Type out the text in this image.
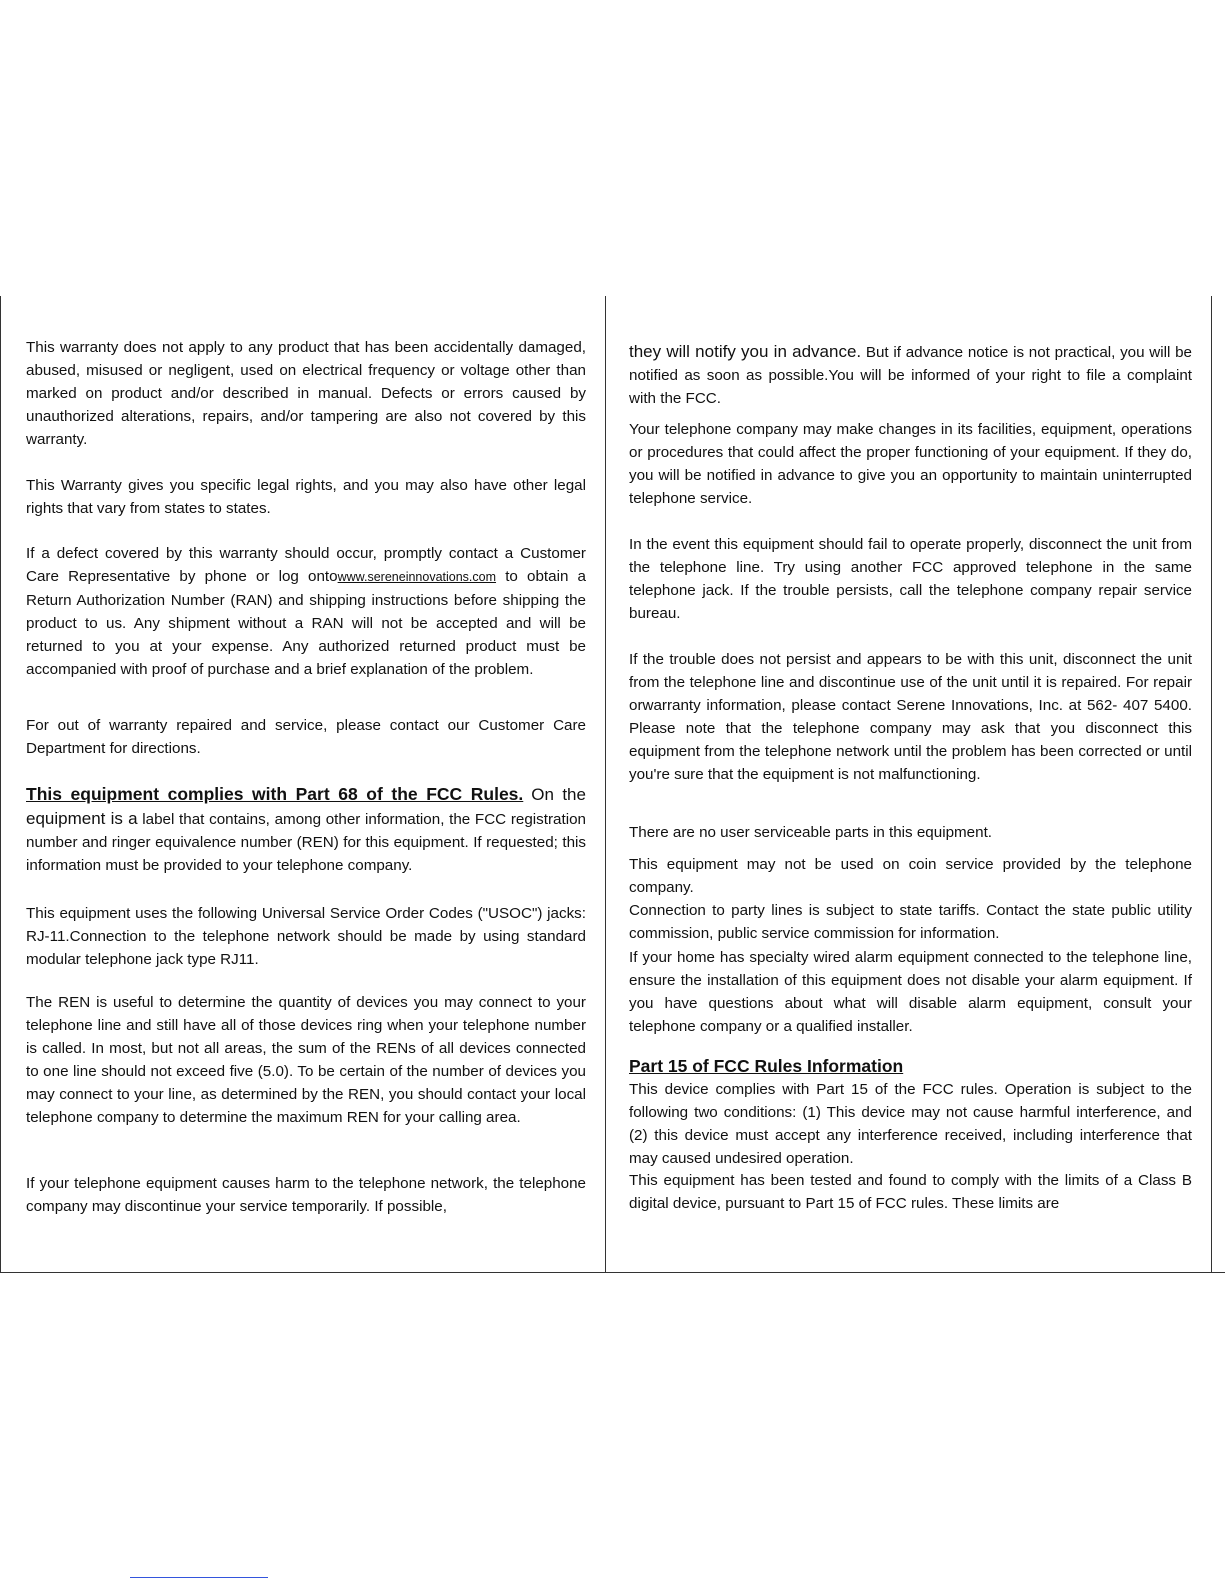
This warranty does not apply to any product that has been accidentally damaged, abused, misused or negligent, used on electrical frequency or voltage other than marked on product and/or described in manual. Defects or errors caused by unauthorized alterations, repairs, and/or tampering are also not covered by this warranty.

This Warranty gives you specific legal rights, and you may also have other legal rights that vary from states to states.

If a defect covered by this warranty should occur, promptly contact a Customer Care Representative by phone or log ontowww.sereneinnovations.com to obtain a Return Authorization Number (RAN) and shipping instructions before shipping the product to us. Any shipment without a RAN will not be accepted and will be returned to you at your expense. Any authorized returned product must be accompanied with proof of purchase and a brief explanation of the problem.

For out of warranty repaired and service, please contact our Customer Care Department for directions.

This equipment complies with Part 68 of the FCC Rules. On the equipment is a label that contains, among other information, the FCC registration number and ringer equivalence number (REN) for this equipment. If requested; this information must be provided to your telephone company.

This equipment uses the following Universal Service Order Codes ("USOC") jacks: RJ-11.Connection to the telephone network should be made by using standard modular telephone jack type RJ11.

The REN is useful to determine the quantity of devices you may connect to your telephone line and still have all of those devices ring when your telephone number is called. In most, but not all areas, the sum of the RENs of all devices connected to one line should not exceed five (5.0). To be certain of the number of devices you may connect to your line, as determined by the REN, you should contact your local telephone company to determine the maximum REN for your calling area.

If your telephone equipment causes harm to the telephone network, the telephone company may discontinue your service temporarily. If possible,

they will notify you in advance. But if advance notice is not practical, you will be notified as soon as possible.You will be informed of your right to file a complaint with the FCC.

Your telephone company may make changes in its facilities, equipment, operations or procedures that could affect the proper functioning of your equipment. If they do, you will be notified in advance to give you an opportunity to maintain uninterrupted telephone service.

In the event this equipment should fail to operate properly, disconnect the unit from the telephone line. Try using another FCC approved telephone in the same telephone jack. If the trouble persists, call the telephone company repair service bureau.

If the trouble does not persist and appears to be with this unit, disconnect the unit from the telephone line and discontinue use of the unit until it is repaired. For repair orwarranty information, please contact Serene Innovations, Inc. at 562- 407 5400. Please note that the telephone company may ask that you disconnect this equipment from the telephone network until the problem has been corrected or until you're sure that the equipment is not malfunctioning.

There are no user serviceable parts in this equipment.

This equipment may not be used on coin service provided by the telephone company.

Connection to party lines is subject to state tariffs. Contact the state public utility commission, public service commission for information.

If your home has specialty wired alarm equipment connected to the telephone line, ensure the installation of this equipment does not disable your alarm equipment. If you have questions about what will disable alarm equipment, consult your telephone company or a qualified installer.

Part 15 of FCC Rules Information

This device complies with Part 15 of the FCC rules. Operation is subject to the following two conditions: (1) This device may not cause harmful interference, and (2) this device must accept any interference received, including interference that may caused undesired operation.

This equipment has been tested and found to comply with the limits of a Class B digital device, pursuant to Part 15 of FCC rules. These limits are
